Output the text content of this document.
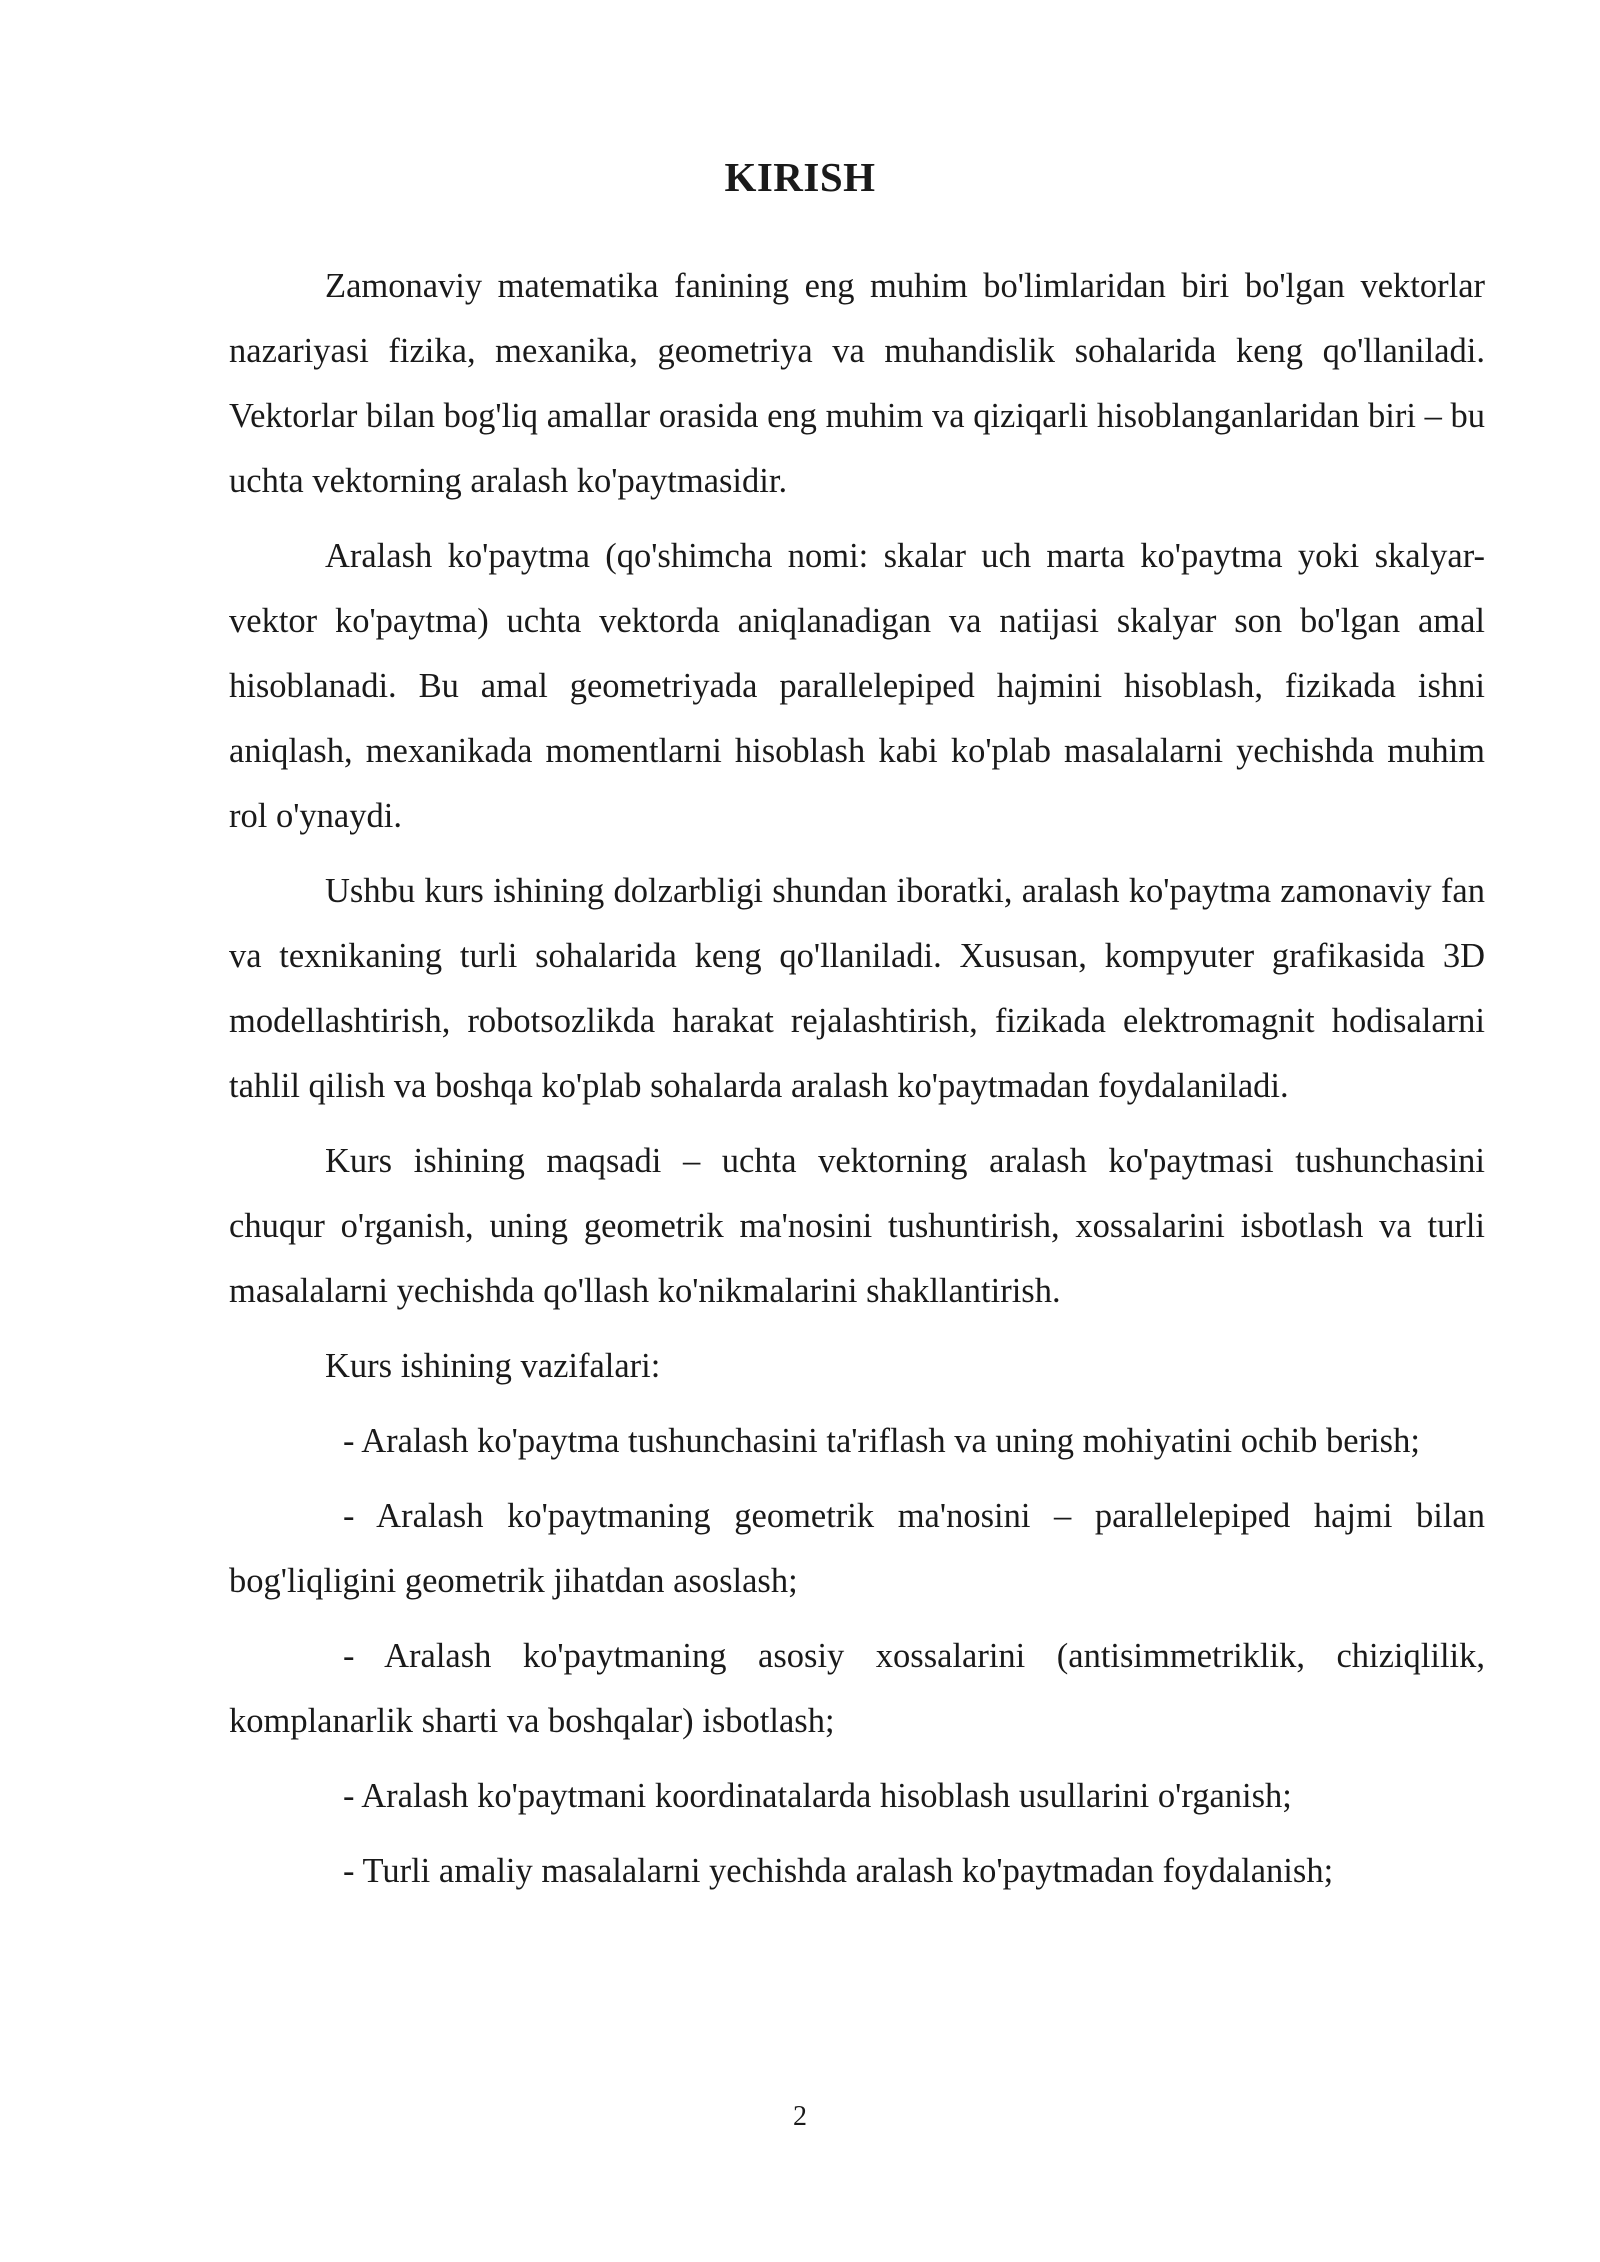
KIRISH

Zamonaviy matematika fanining eng muhim bo'limlaridan biri bo'lgan vektorlar nazariyasi fizika, mexanika, geometriya va muhandislik sohalarida keng qo'llaniladi. Vektorlar bilan bog'liq amallar orasida eng muhim va qiziqarli hisoblanganlaridan biri – bu uchta vektorning aralash ko'paytmasidir.

Aralash ko'paytma (qo'shimcha nomi: skalar uch marta ko'paytma yoki skalyar-vektor ko'paytma) uchta vektorda aniqlanadigan va natijasi skalyar son bo'lgan amal hisoblanadi. Bu amal geometriyada parallelepiped hajmini hisoblash, fizikada ishni aniqlash, mexanikada momentlarni hisoblash kabi ko'plab masalalarni yechishda muhim rol o'ynaydi.

Ushbu kurs ishining dolzarbligi shundan iboratki, aralash ko'paytma zamonaviy fan va texnikaning turli sohalarida keng qo'llaniladi. Xususan, kompyuter grafikasida 3D modellashtirish, robotsozlikda harakat rejalashtirish, fizikada elektromagnit hodisalarni tahlil qilish va boshqa ko'plab sohalarda aralash ko'paytmadan foydalaniladi.

Kurs ishining maqsadi – uchta vektorning aralash ko'paytmasi tushunchasini chuqur o'rganish, uning geometrik ma'nosini tushuntirish, xossalarini isbotlash va turli masalalarni yechishda qo'llash ko'nikmalarini shakllantirish.

Kurs ishining vazifalari:

- Aralash ko'paytma tushunchasini ta'riflash va uning mohiyatini ochib berish;

- Aralash ko'paytmaning geometrik ma'nosini – parallelepiped hajmi bilan bog'liqligini geometrik jihatdan asoslash;

- Aralash ko'paytmaning asosiy xossalarini (antisimmetriklik, chiziqlilik, komplanarlik sharti va boshqalar) isbotlash;

- Aralash ko'paytmani koordinatalarda hisoblash usullarini o'rganish;

- Turli amaliy masalalarni yechishda aralash ko'paytmadan foydalanish;

2
